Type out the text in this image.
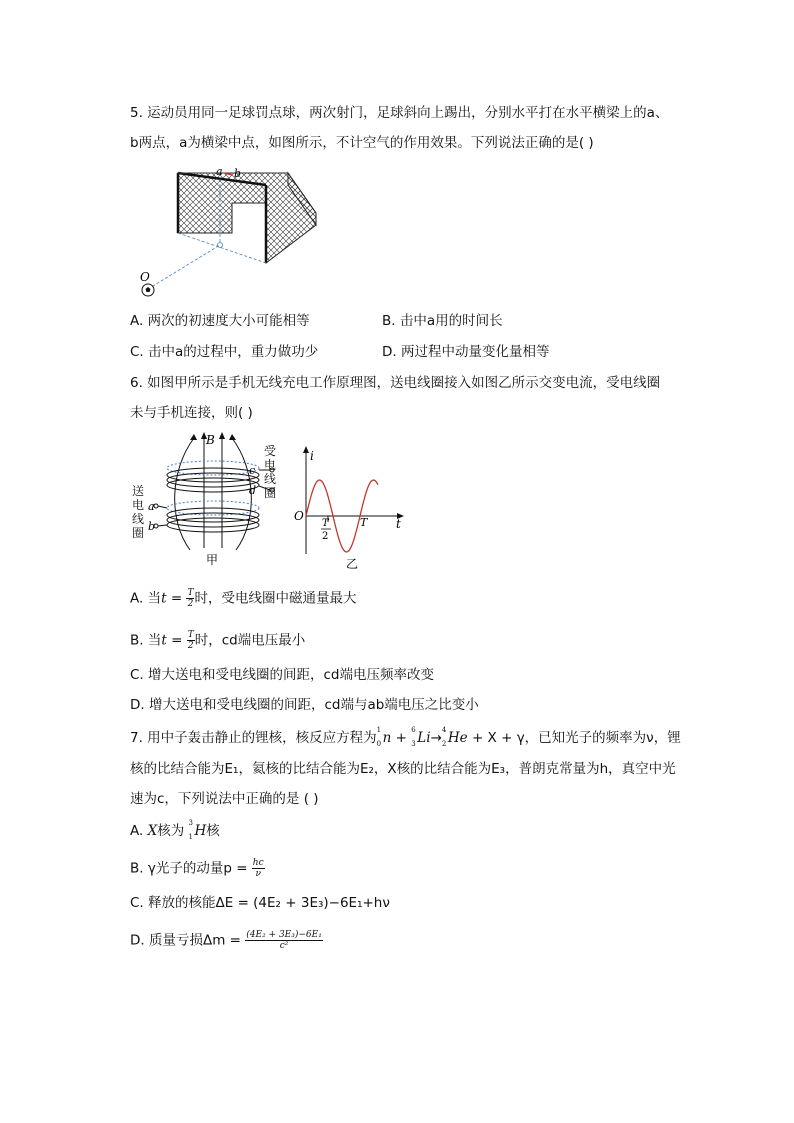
5. 运动员用同一足球罚点球，两次射门，足球斜向上踢出，分别水平打在水平横梁上的a、
b两点，a为横梁中点，如图所示，不计空气的作用效果。下列说法正确的是( )
a b
O
A. 两次的初速度大小可能相等	B. 击中a用的时间长
C. 击中a的过程中，重力做功少	D. 两过程中动量变化量相等
6. 如图甲所示是手机无线充电工作原理图，送电线圈接入如图乙所示交变电流，受电线圈
未与手机连接，则( )
B
c
d
a
b
甲
送电线圈
受电线圈
i
t
O
T
2
T
乙
A. 当$t = \frac{T}{2}$ 时，受电线圈中磁通量最大
B. 当$t = \frac{T}{2}$ 时，cd端电压最小
C. 增大送电和受电线圈的间距，cd端电压频率改变
D. 增大送电和受电线圈的间距，cd端与ab端电压之比变小
7. 用中子轰击静止的锂核，核反应方程为 1
0 n + 6
3 Li→ 4
2 He + X + γ，已知光子的频率为ν，锂
核的比结合能为E₁，氦核的比结合能为E₂，X核的比结合能为E₃，普朗克常量为h，真空中光
速为c，下列说法中正确的是 ( )
A. X核为 3
1 H核
B. γ光子的动量$p = \frac{hc}{\nu}$
C. 释放的核能ΔE = (4E₂ + 3E₃)−6E₁+hν
D. 质量亏损$\Delta m = \frac{\text{(4E₂ + 3E₃)−6E₁}}{\text{c²}}$
